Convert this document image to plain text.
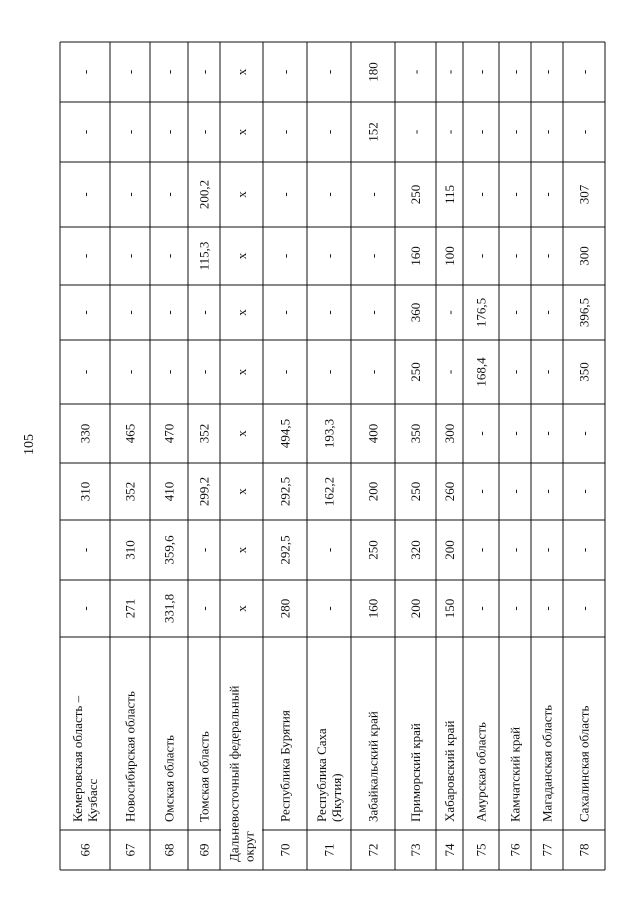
105
66
Кемеровская область – Кузбасс
-
-
310
330
-
-
-
-
-
-
67
Новосибирская область
271
310
352
465
-
-
-
-
-
-
68
Омская область
331,8
359,6
410
470
-
-
-
-
-
-
69
Томская область
-
-
299,2
352
-
-
115,3
200,2
-
-
Дальневосточный федеральный округ
x
x
x
x
x
x
x
x
x
x
70
Республика Бурятия
280
292,5
292,5
494,5
-
-
-
-
-
-
71
Республика Саха (Якутия)
-
-
162,2
193,3
-
-
-
-
-
-
72
Забайкальский край
160
250
200
400
-
-
-
-
152
180
73
Приморский край
200
320
250
350
250
360
160
250
-
-
74
Хабаровский край
150
200
260
300
-
-
100
115
-
-
75
Амурская область
-
-
-
-
168,4
176,5
-
-
-
-
76
Камчатский край
-
-
-
-
-
-
-
-
-
-
77
Магаданская область
-
-
-
-
-
-
-
-
-
-
78
Сахалинская область
-
-
-
-
350
396,5
300
307
-
-
